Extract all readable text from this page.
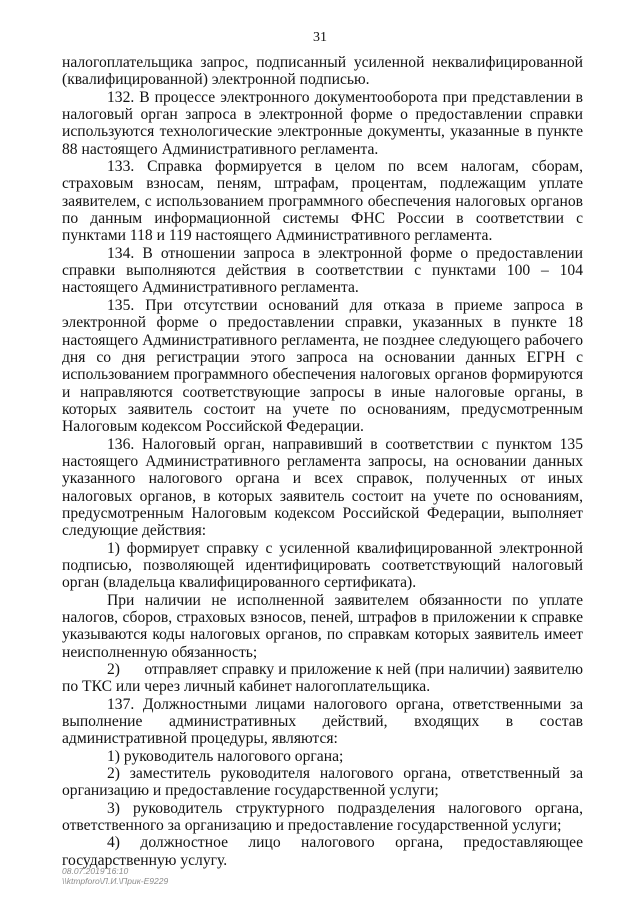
31

налогоплательщика запрос, подписанный усиленной неквалифицированной (квалифицированной) электронной подписью.

132. В процессе электронного документооборота при представлении в налоговый орган запроса в электронной форме о предоставлении справки используются технологические электронные документы, указанные в пункте 88 настоящего Административного регламента.

133. Справка формируется в целом по всем налогам, сборам, страховым взносам, пеням, штрафам, процентам, подлежащим уплате заявителем, с использованием программного обеспечения налоговых органов по данным информационной системы ФНС России в соответствии с пунктами 118 и 119 настоящего Административного регламента.

134. В отношении запроса в электронной форме о предоставлении справки выполняются действия в соответствии с пунктами 100 – 104 настоящего Административного регламента.

135. При отсутствии оснований для отказа в приеме запроса в электронной форме о предоставлении справки, указанных в пункте 18 настоящего Административного регламента, не позднее следующего рабочего дня со дня регистрации этого запроса на основании данных ЕГРН с использованием программного обеспечения налоговых органов формируются и направляются соответствующие запросы в иные налоговые органы, в которых заявитель состоит на учете по основаниям, предусмотренным Налоговым кодексом Российской Федерации.

136. Налоговый орган, направивший в соответствии с пунктом 135 настоящего Административного регламента запросы, на основании данных указанного налогового органа и всех справок, полученных от иных налоговых органов, в которых заявитель состоит на учете по основаниям, предусмотренным Налоговым кодексом Российской Федерации, выполняет следующие действия:

1) формирует справку с усиленной квалифицированной электронной подписью, позволяющей идентифицировать соответствующий налоговый орган (владельца квалифицированного сертификата).

При наличии не исполненной заявителем обязанности по уплате налогов, сборов, страховых взносов, пеней, штрафов в приложении к справке указываются коды налоговых органов, по справкам которых заявитель имеет неисполненную обязанность;

2)      отправляет справку и приложение к ней (при наличии) заявителю по ТКС или через личный кабинет налогоплательщика.

137. Должностными лицами налогового органа, ответственными за выполнение административных действий, входящих в состав административной процедуры, являются:

1) руководитель налогового органа;

2) заместитель руководителя налогового органа, ответственный за организацию и предоставление государственной услуги;

3) руководитель структурного подразделения налогового органа, ответственного за организацию и предоставление государственной услуги;

4) должностное лицо налогового органа, предоставляющее государственную услугу.

08.07.2019 16:10
\\ktmpforo\Л.И.\Прик-Е9229
